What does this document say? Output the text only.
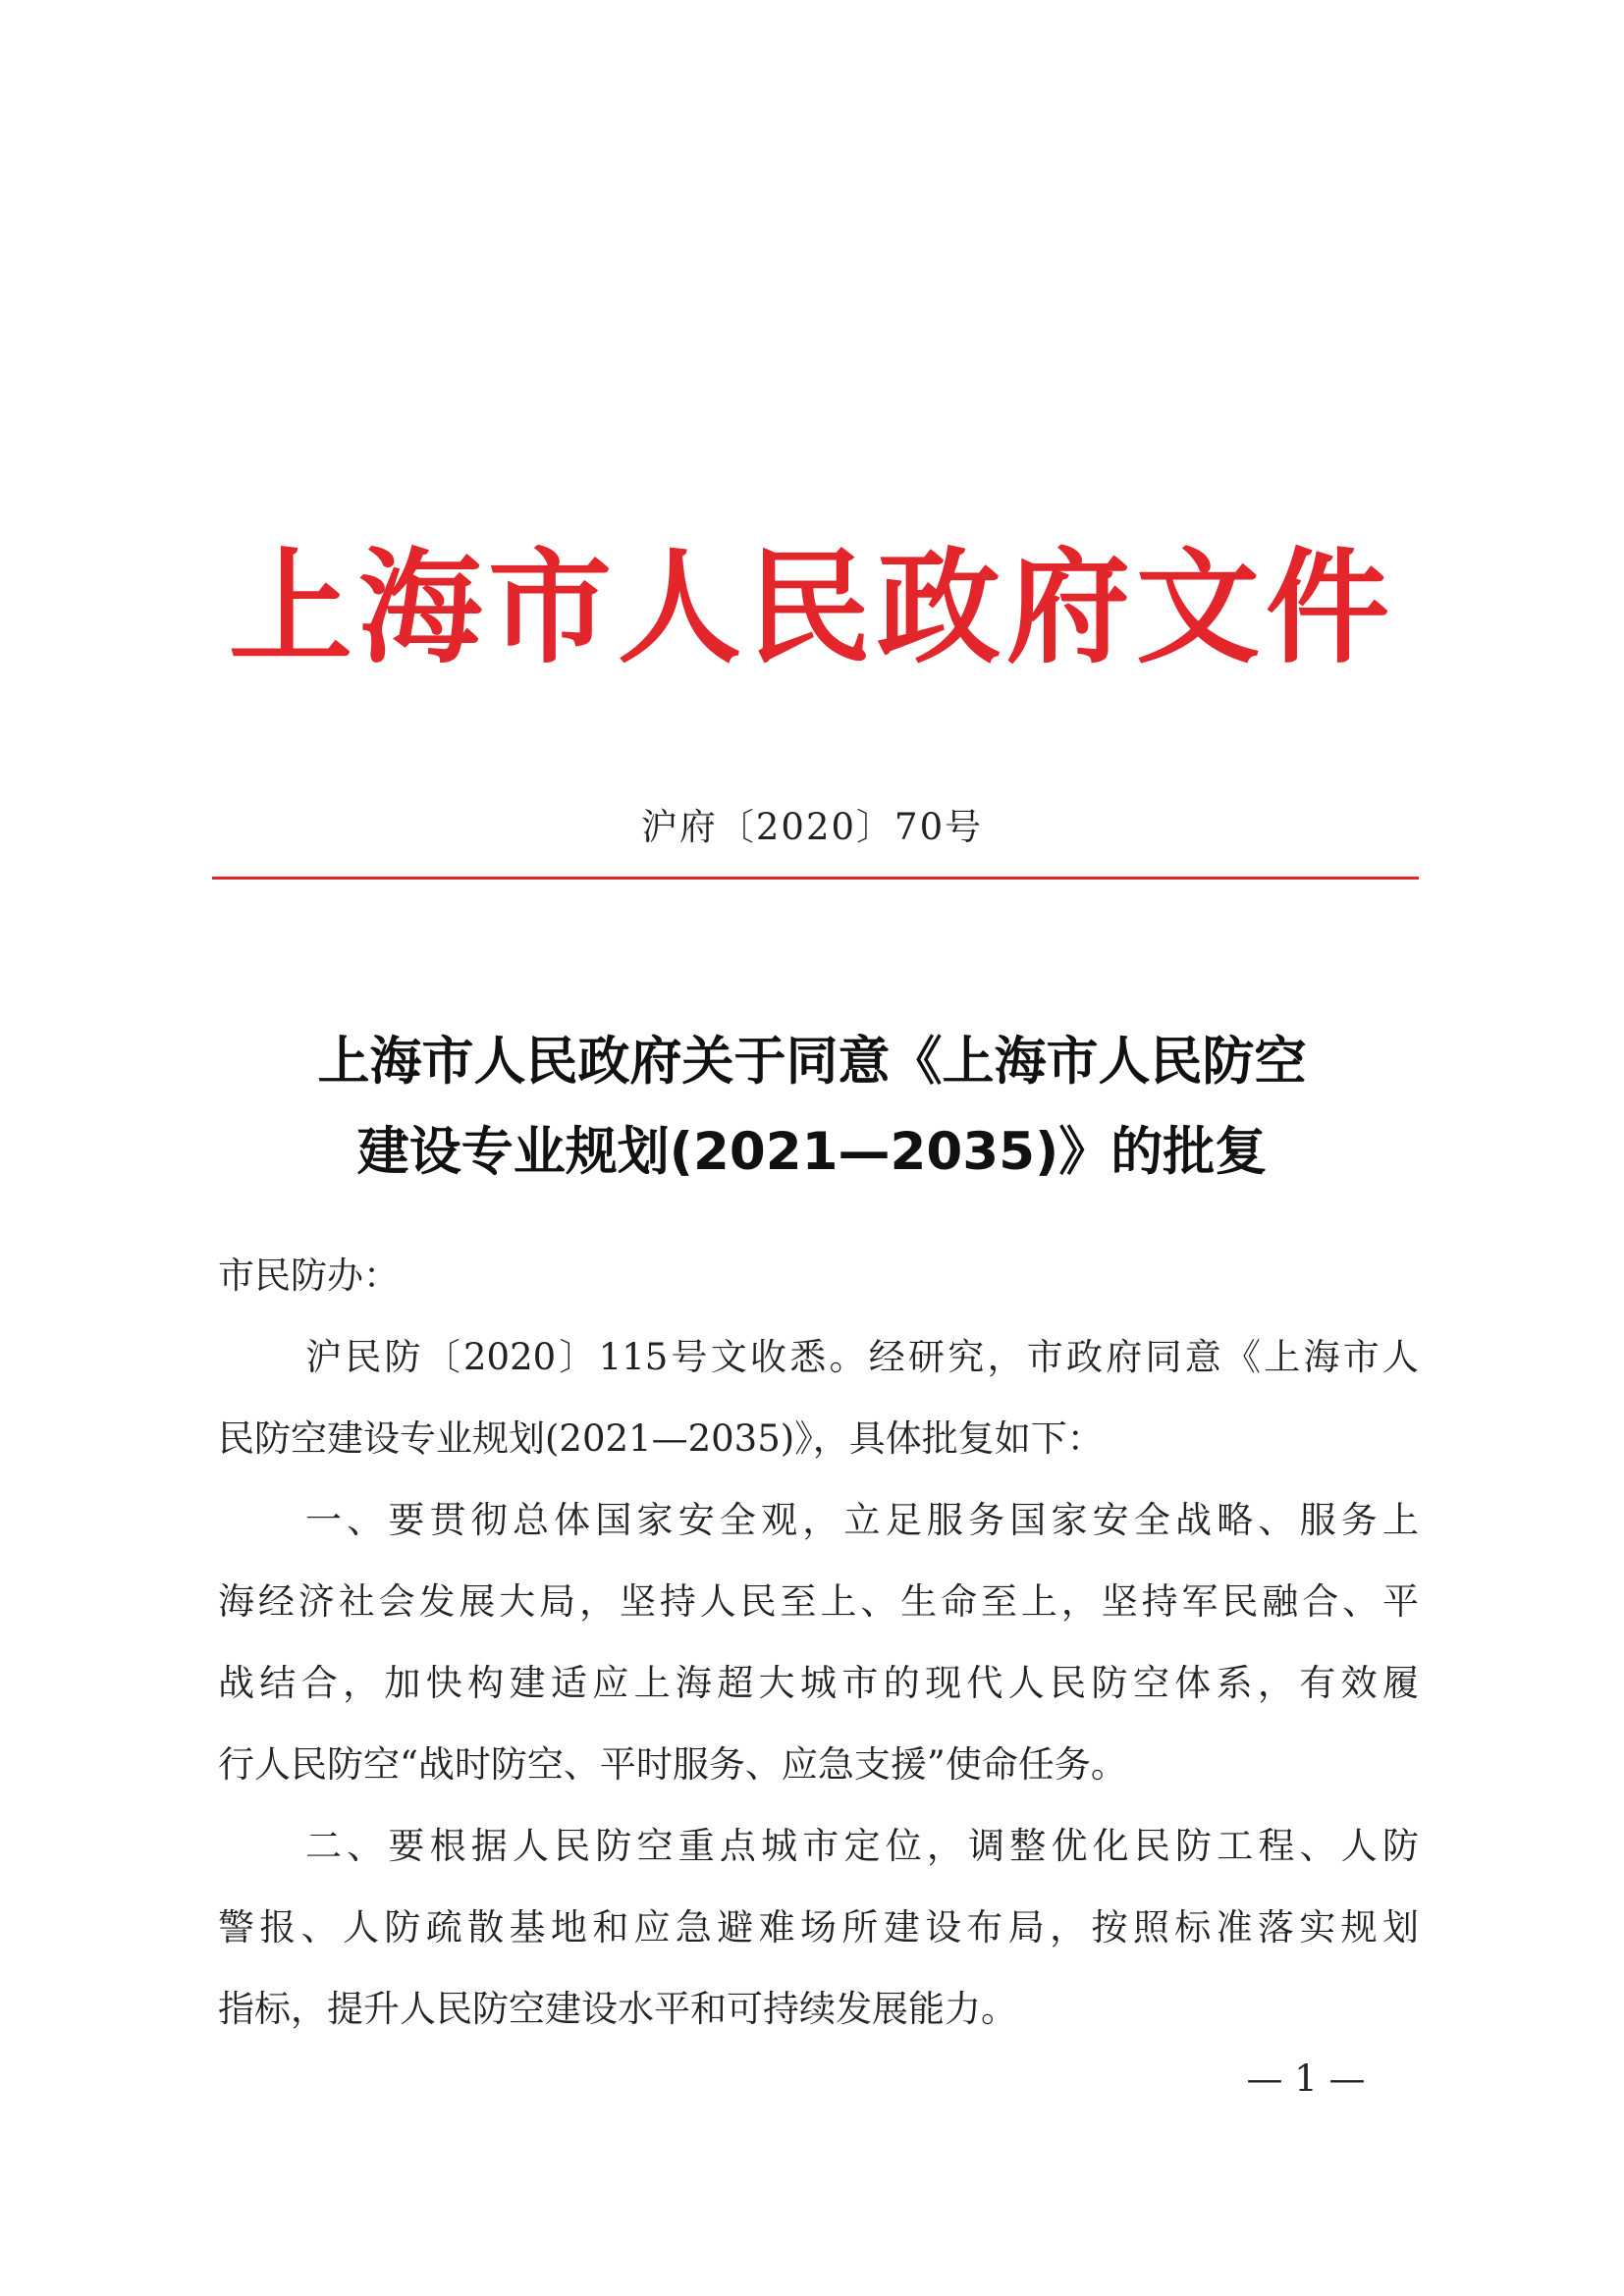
上海市人民政府文件
沪府〔2020〕70号
上海市人民政府关于同意《上海市人民防空
建设专业规划(2021—2035)》的批复
市民防办：
沪民防〔2020〕115号文收悉。经研究，市政府同意《上海市人
民防空建设专业规划(2021—2035)》，具体批复如下：
一、要贯彻总体国家安全观，立足服务国家安全战略、服务上
海经济社会发展大局，坚持人民至上、生命至上，坚持军民融合、平
战结合，加快构建适应上海超大城市的现代人民防空体系，有效履
行人民防空“战时防空、平时服务、应急支援”使命任务。
二、要根据人民防空重点城市定位，调整优化民防工程、人防
警报、人防疏散基地和应急避难场所建设布局，按照标准落实规划
指标，提升人民防空建设水平和可持续发展能力。
— 1 —
